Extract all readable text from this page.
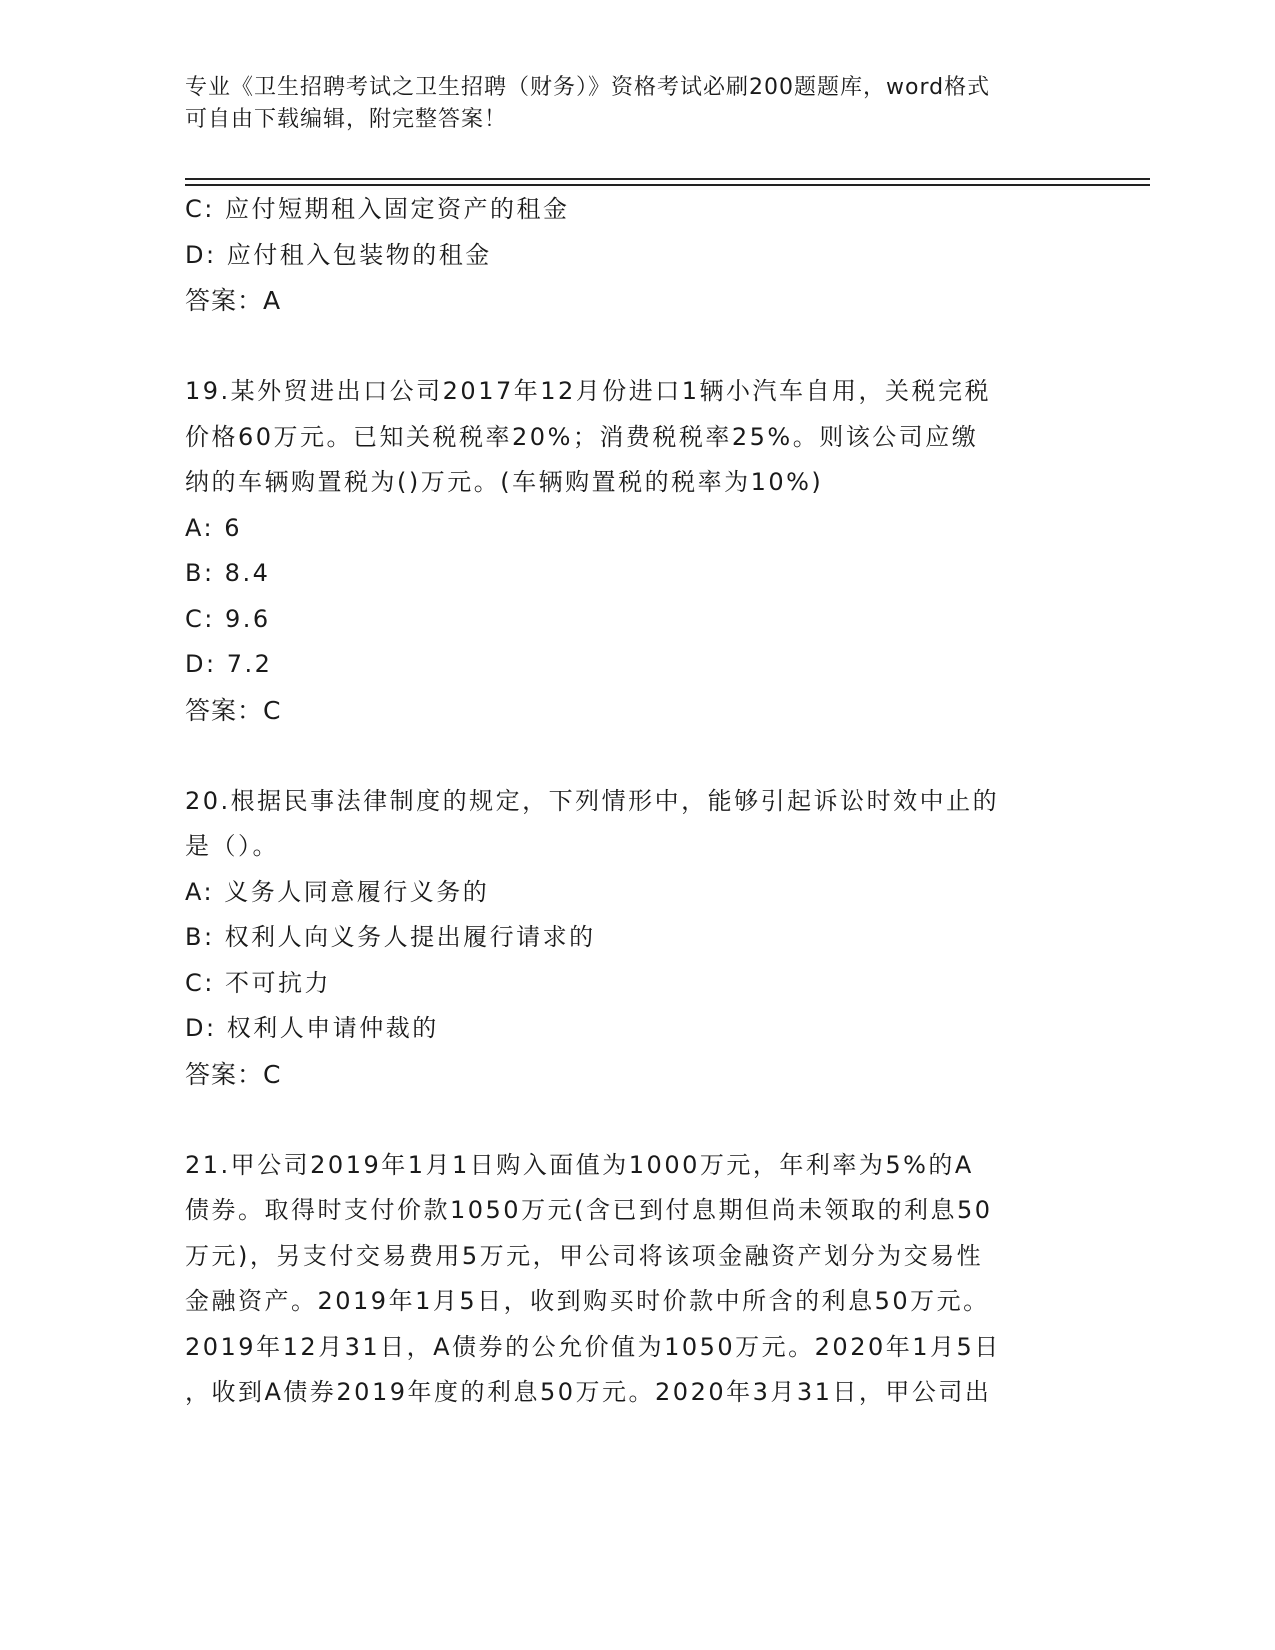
专业《卫生招聘考试之卫生招聘（财务）》资格考试必刷200题题库，word格式
可自由下载编辑，附完整答案！
C: 应付短期租入固定资产的租金
D: 应付租入包装物的租金
答案：A
19.某外贸进出口公司2017年12月份进口1辆小汽车自用，关税完税
价格60万元。已知关税税率20%；消费税税率25%。则该公司应缴
纳的车辆购置税为()万元。(车辆购置税的税率为10%)
A: 6
B: 8.4
C: 9.6
D: 7.2
答案：C
20.根据民事法律制度的规定，下列情形中，能够引起诉讼时效中止的
是（）。
A: 义务人同意履行义务的
B: 权利人向义务人提出履行请求的
C: 不可抗力
D: 权利人申请仲裁的
答案：C
21.甲公司2019年1月1日购入面值为1000万元，年利率为5%的A
债券。取得时支付价款1050万元(含已到付息期但尚未领取的利息50
万元)，另支付交易费用5万元，甲公司将该项金融资产划分为交易性
金融资产。2019年1月5日，收到购买时价款中所含的利息50万元。
2019年12月31日，A债券的公允价值为1050万元。2020年1月5日
，收到A债券2019年度的利息50万元。2020年3月31日，甲公司出
